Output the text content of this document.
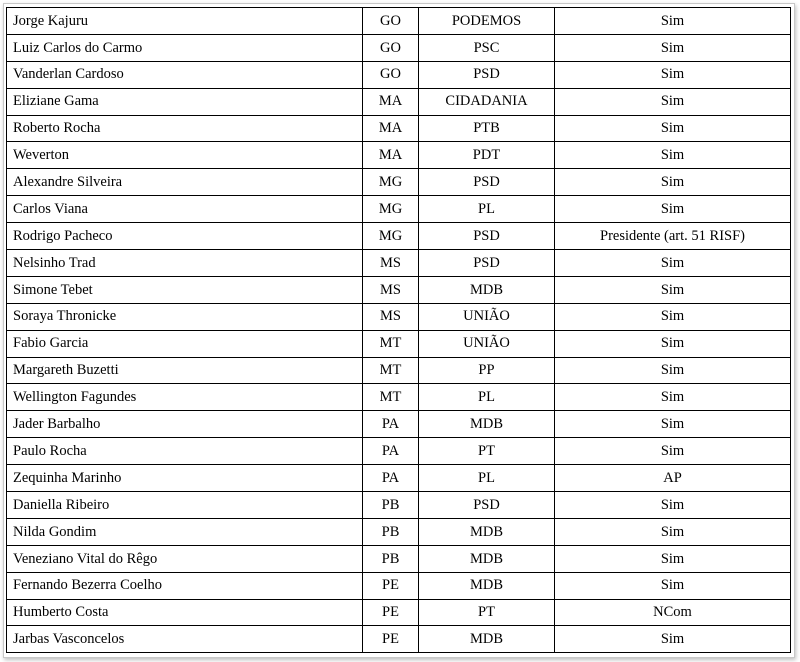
Jorge Kajuru	GO	PODEMOS	Sim
Luiz Carlos do Carmo	GO	PSC	Sim
Vanderlan Cardoso	GO	PSD	Sim
Eliziane Gama	MA	CIDADANIA	Sim
Roberto Rocha	MA	PTB	Sim
Weverton	MA	PDT	Sim
Alexandre Silveira	MG	PSD	Sim
Carlos Viana	MG	PL	Sim
Rodrigo Pacheco	MG	PSD	Presidente (art. 51 RISF)
Nelsinho Trad	MS	PSD	Sim
Simone Tebet	MS	MDB	Sim
Soraya Thronicke	MS	UNIÃO	Sim
Fabio Garcia	MT	UNIÃO	Sim
Margareth Buzetti	MT	PP	Sim
Wellington Fagundes	MT	PL	Sim
Jader Barbalho	PA	MDB	Sim
Paulo Rocha	PA	PT	Sim
Zequinha Marinho	PA	PL	AP
Daniella Ribeiro	PB	PSD	Sim
Nilda Gondim	PB	MDB	Sim
Veneziano Vital do Rêgo	PB	MDB	Sim
Fernando Bezerra Coelho	PE	MDB	Sim
Humberto Costa	PE	PT	NCom
Jarbas Vasconcelos	PE	MDB	Sim
